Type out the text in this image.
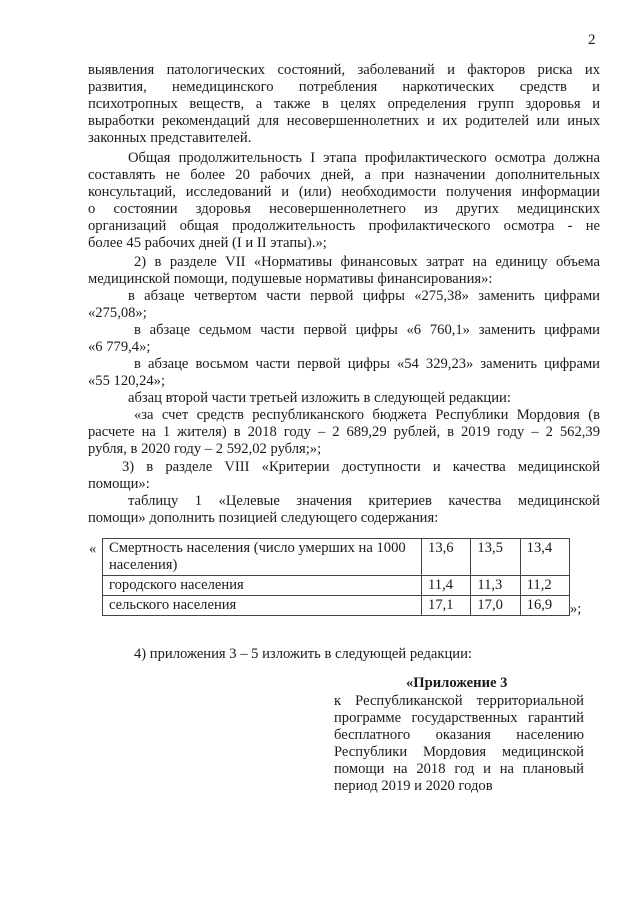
2
выявления патологических состояний, заболеваний и факторов риска их
развития, немедицинского потребления наркотических средств и
психотропных веществ, а также в целях определения групп здоровья и
выработки рекомендаций для несовершеннолетних и их родителей или иных
законных представителей.
Общая продолжительность I этапа профилактического осмотра должна
составлять не более 20 рабочих дней, а при назначении дополнительных
консультаций, исследований и (или) необходимости получения информации
о состоянии здоровья несовершеннолетнего из других медицинских
организаций общая продолжительность профилактического осмотра - не
более 45 рабочих дней (I и II этапы).»;
2) в разделе VII «Нормативы финансовых затрат на единицу объема
медицинской помощи, подушевые нормативы финансирования»:
в абзаце четвертом части первой цифры «275,38» заменить цифрами
«275,08»;
в абзаце седьмом части первой цифры «6 760,1» заменить цифрами
«6 779,4»;
в абзаце восьмом части первой цифры «54 329,23» заменить цифрами
«55 120,24»;
абзац второй части третьей изложить в следующей редакции:
«за счет средств республиканского бюджета Республики Мордовия (в
расчете на 1 жителя) в 2018 году – 2 689,29 рублей, в 2019 году – 2 562,39
рубля, в 2020 году – 2 592,02 рубля;»;
3) в разделе VIII «Критерии доступности и качества медицинской
помощи»:
таблицу 1 «Целевые значения критериев качества медицинской
помощи» дополнить позицией следующего содержания:
« Смертность населения (число умерших на 1000 населения)	13,6	13,5	13,4
городского населения	11,4	11,3	11,2
сельского населения	17,1	17,0	16,9 »;
4) приложения 3 – 5 изложить в следующей редакции:
«Приложение 3
к Республиканской территориальной
программе государственных гарантий
бесплатного оказания населению
Республики Мордовия медицинской
помощи на 2018 год и на плановый
период 2019 и 2020 годов
